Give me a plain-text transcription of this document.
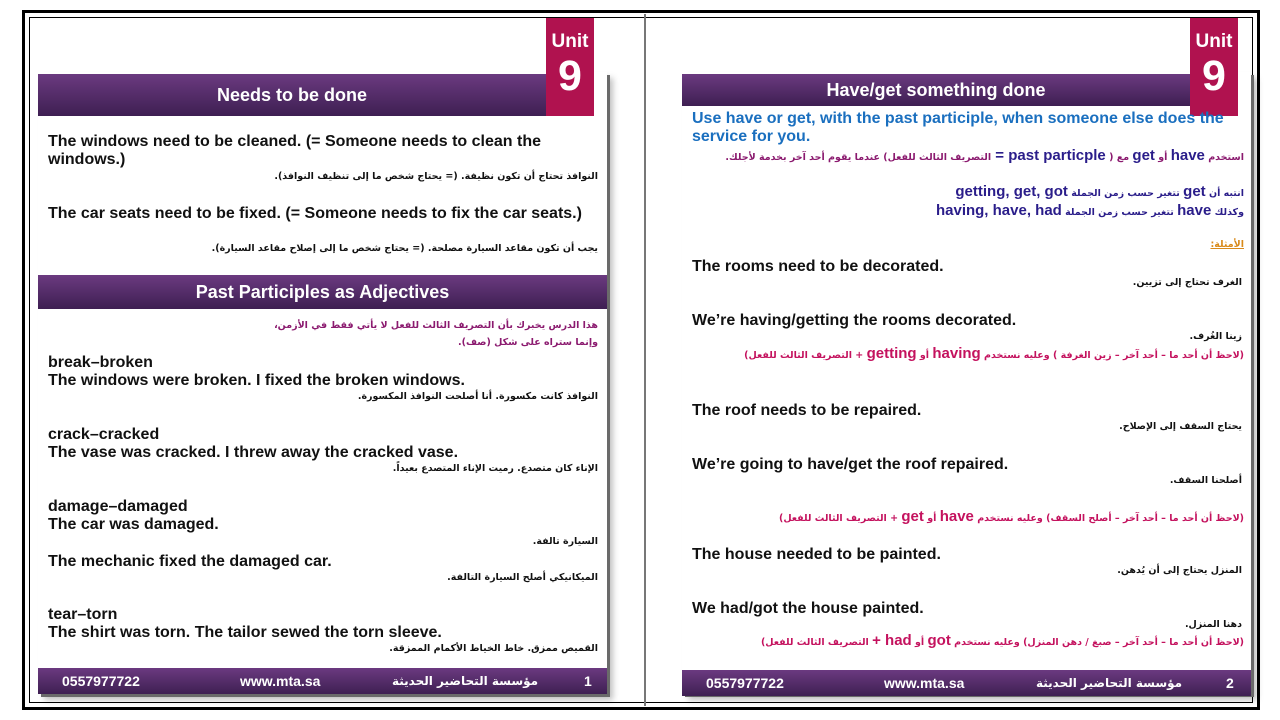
Unit
9
Needs to be done
The windows need to be cleaned. (= Someone needs to clean the windows.)
النوافذ تحتاج أن تكون نظيفة. (= يحتاج شخص ما إلى تنظيف النوافذ).
The car seats need to be fixed. (= Someone needs to fix the car seats.)
يجب أن تكون مقاعد السيارة مصلحة. (= يحتاج شخص ما إلى إصلاح مقاعد السيارة).
Past Participles as Adjectives
هذا الدرس يخبرك بأن التصريف الثالث للفعل لا يأتي فقط في الأزمن،
وإنما ستراه على شكل (صف).
break–broken
The windows were broken. I fixed the broken windows.
النوافذ كانت مكسورة. أنا أصلحت النوافذ المكسورة.
crack–cracked
The vase was cracked. I threw away the cracked vase.
الإناء كان متصدع. رميت الإناء المتصدع بعيداً.
damage–damaged
The car was damaged.
السيارة تالفة.
The mechanic fixed the damaged car.
الميكانيكي أصلح السيارة التالفة.
tear–torn
The shirt was torn. The tailor sewed the torn sleeve.
القميص ممزق. خاط الخياط الأكمام الممزقة.
0557977722	www.mta.sa	مؤسسة التحاضير الحديثة	1
Unit
9
Have/get something done
Use have or get, with the past participle, when someone else does the service for you.
استخدم have أو get مع ( past particple = التصريف الثالث للفعل) عندما يقوم أحد آخر بخدمة لأجلك.
انتبه أن get تتغير حسب زمن الجملة getting, get, got
وكذلك have تتغير حسب زمن الجملة having, have, had
الأمثلة:
The rooms need to be decorated.
الغرف تحتاج إلى تزيين.
We’re having/getting the rooms decorated.
زينا الغُرف.
(لاحظ أن أحد ما – أحد آخر – زين الغرفة ) وعليه نستخدم having أو getting + التصريف الثالث للفعل)
The roof needs to be repaired.
يحتاج السقف إلى الإصلاح.
We’re going to have/get the roof repaired.
أصلحنا السقف.
(لاحظ أن أحد ما – أحد آخر – أصلح السقف) وعليه نستخدم have أو get + التصريف الثالث للفعل)
The house needed to be painted.
المنزل يحتاج إلى أن يُدهن.
We had/got the house painted.
دهنا المنزل.
(لاحظ أن أحد ما – أحد آخر – صبغ / دهن المنزل) وعليه نستخدم got أو had + التصريف الثالث للفعل)
0557977722	www.mta.sa	مؤسسة التحاضير الحديثة	2
